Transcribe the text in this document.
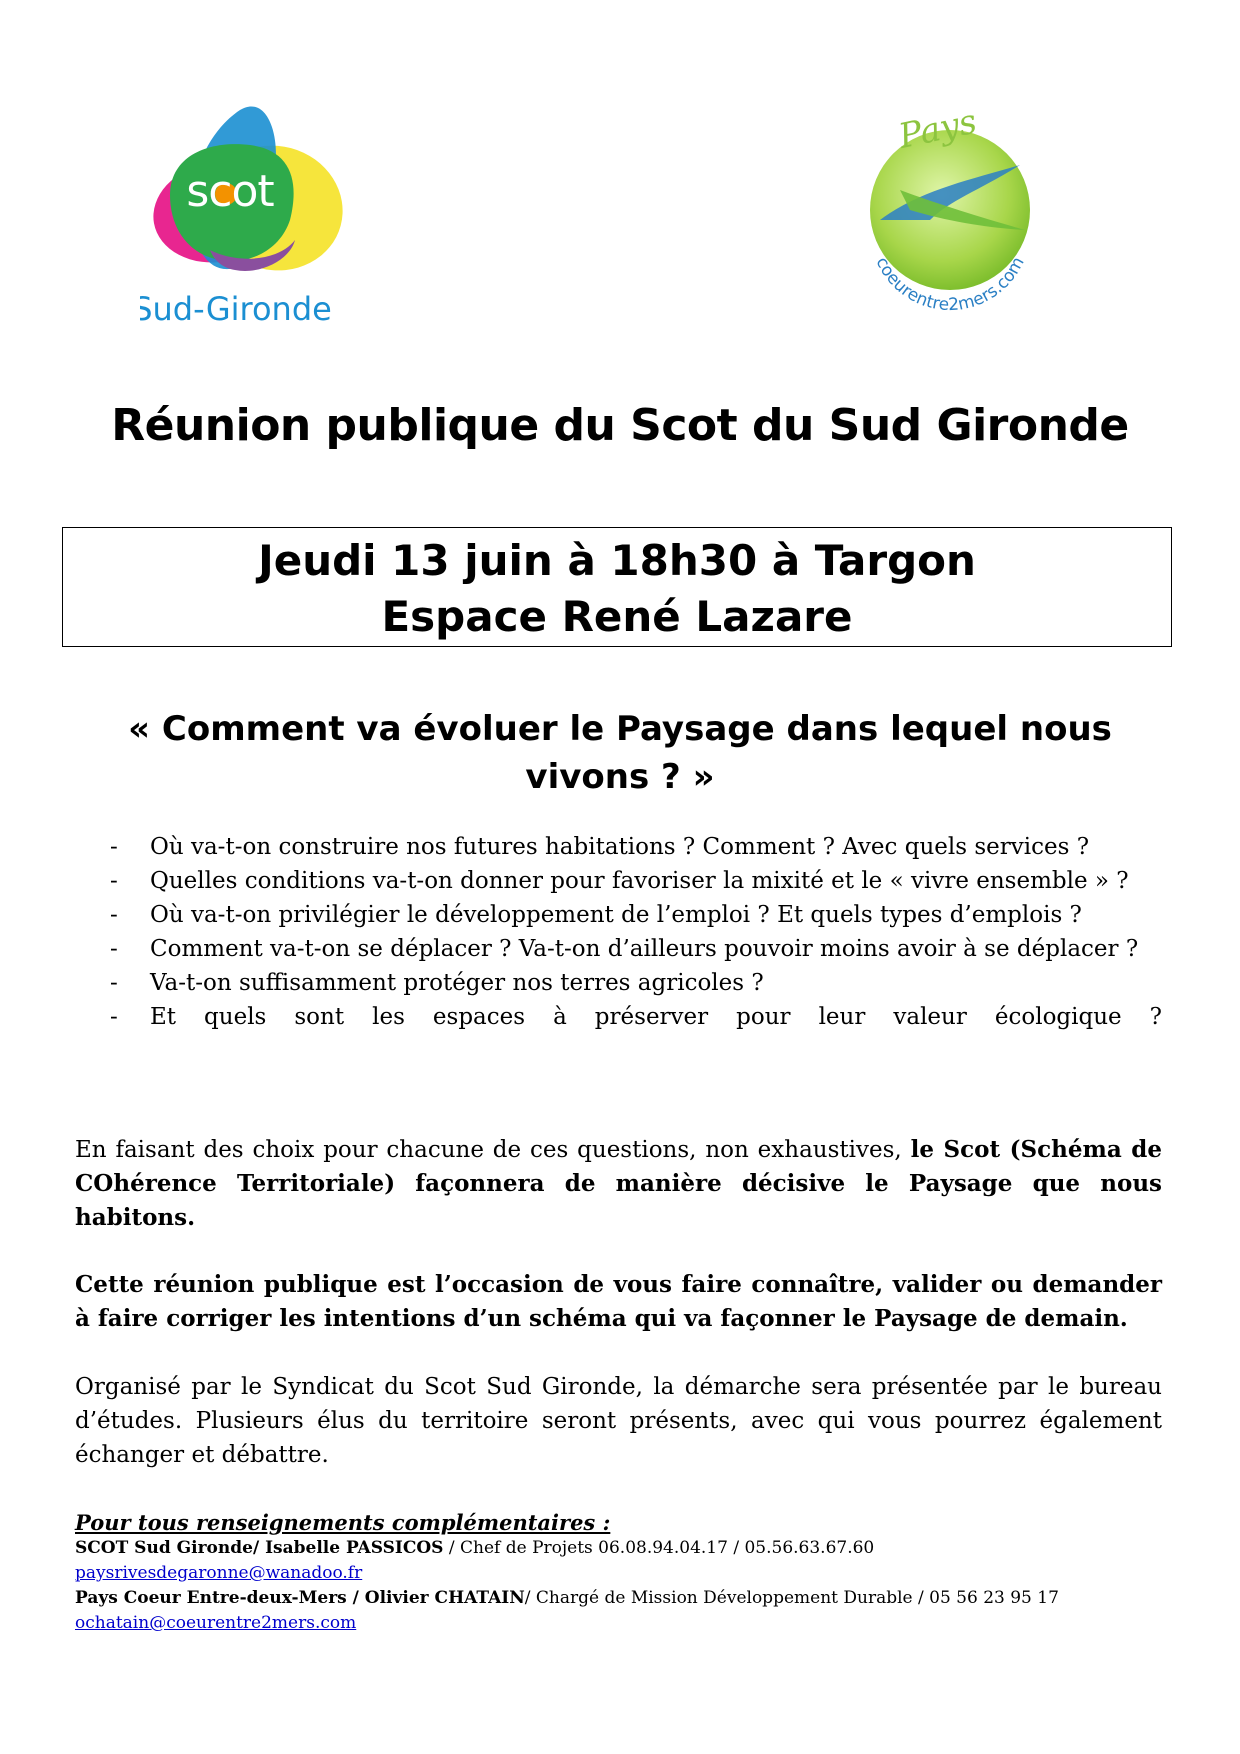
scot
Sud-Gironde
Pays
coeurentre2mers.com
Réunion publique du Scot du Sud Gironde
Jeudi 13 juin à 18h30 à Targon
Espace René Lazare
« Comment va évoluer le Paysage dans lequel nous vivons ? »
- Où va-t-on construire nos futures habitations ? Comment ? Avec quels services ?
- Quelles conditions va-t-on donner pour favoriser la mixité et le « vivre ensemble » ?
- Où va-t-on privilégier le développement de l’emploi ? Et quels types d’emplois ?
- Comment va-t-on se déplacer ? Va-t-on d’ailleurs pouvoir moins avoir à se déplacer ?
- Va-t-on suffisamment protéger nos terres agricoles ?
- Et quels sont les espaces à préserver pour leur valeur écologique ?

En faisant des choix pour chacune de ces questions, non exhaustives, le Scot (Schéma de COhérence Territoriale) façonnera de manière décisive le Paysage que nous habitons.

Cette réunion publique est l’occasion de vous faire connaître, valider ou demander à faire corriger les intentions d’un schéma qui va façonner le Paysage de demain.

Organisé par le Syndicat du Scot Sud Gironde, la démarche sera présentée par le bureau d’études. Plusieurs élus du territoire seront présents, avec qui vous pourrez également échanger et débattre.

Pour tous renseignements complémentaires :
SCOT Sud Gironde/ Isabelle PASSICOS / Chef de Projets 06.08.94.04.17 / 05.56.63.67.60
paysrivesdegaronne@wanadoo.fr
Pays Coeur Entre-deux-Mers / Olivier CHATAIN/ Chargé de Mission Développement Durable / 05 56 23 95 17
ochatain@coeurentre2mers.com
